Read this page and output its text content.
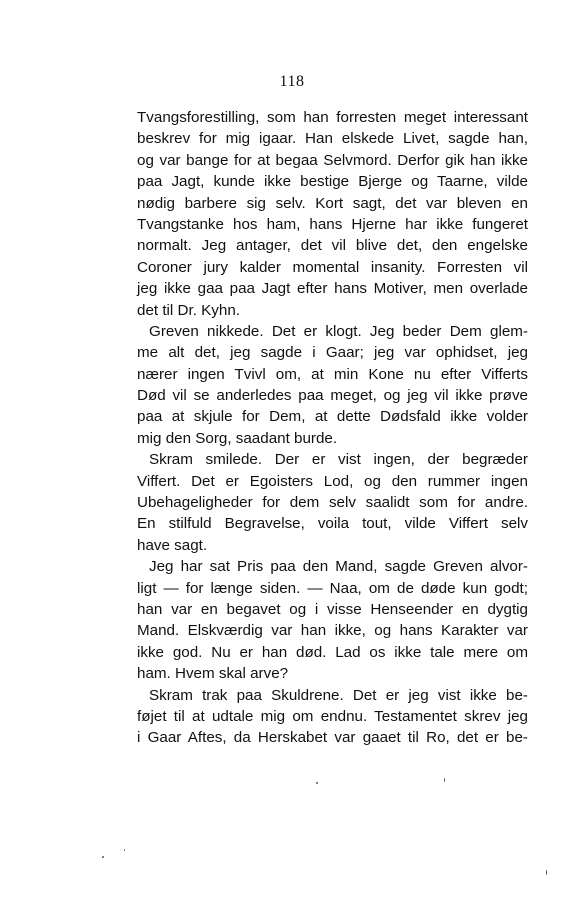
118
Tvangsforestilling, som han forresten meget interessant
beskrev for mig igaar. Han elskede Livet, sagde han,
og var bange for at begaa Selvmord. Derfor gik han ikke
paa Jagt, kunde ikke bestige Bjerge og Taarne, vilde
nødig barbere sig selv. Kort sagt, det var bleven en
Tvangstanke hos ham, hans Hjerne har ikke fungeret
normalt. Jeg antager, det vil blive det, den engelske
Coroner jury kalder momental insanity. Forresten vil
jeg ikke gaa paa Jagt efter hans Motiver, men overlade
det til Dr. Kyhn.
Greven nikkede. Det er klogt. Jeg beder Dem glem-
me alt det, jeg sagde i Gaar; jeg var ophidset, jeg
nærer ingen Tvivl om, at min Kone nu efter Vifferts
Død vil se anderledes paa meget, og jeg vil ikke prøve
paa at skjule for Dem, at dette Dødsfald ikke volder
mig den Sorg, saadant burde.
Skram smilede. Der er vist ingen, der begræder
Viffert. Det er Egoisters Lod, og den rummer ingen
Ubehageligheder for dem selv saalidt som for andre.
En stilfuld Begravelse, voila tout, vilde Viffert selv
have sagt.
Jeg har sat Pris paa den Mand, sagde Greven alvor-
ligt — for længe siden. — Naa, om de døde kun godt;
han var en begavet og i visse Henseender en dygtig
Mand. Elskværdig var han ikke, og hans Karakter var
ikke god. Nu er han død. Lad os ikke tale mere om
ham. Hvem skal arve?
Skram trak paa Skuldrene. Det er jeg vist ikke be-
føjet til at udtale mig om endnu. Testamentet skrev jeg
i Gaar Aftes, da Herskabet var gaaet til Ro, det er be-
